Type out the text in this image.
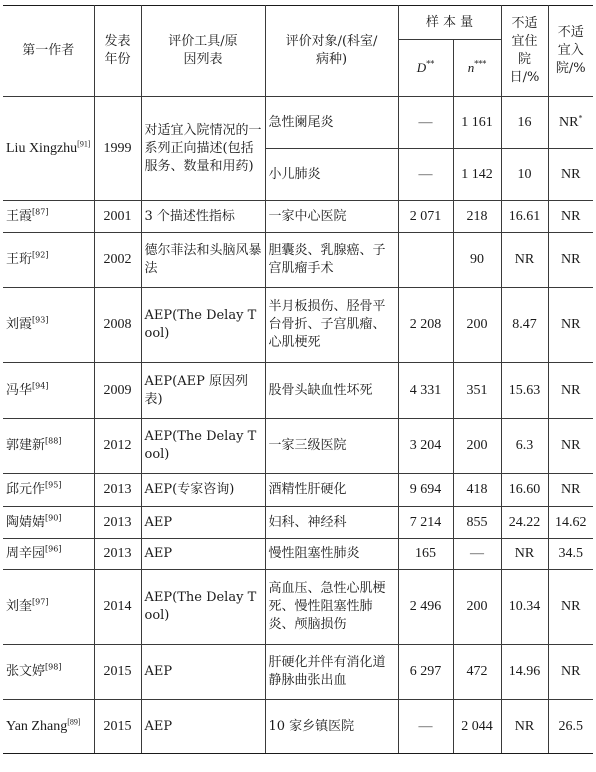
第一作者	发表年份	评价工具/原因列表	评价对象/(科室/病种)	样 本 量		不适宜住院日/%	不适宜入院/%
				D**	n***
Liu Xingzhu[91]	1999	对适宜入院情况的一系列正向描述(包括服务、数量和用药)	急性阑尾炎	—	1 161	16	NR*
			小儿肺炎	—	1 142	10	NR
王霞[87]	2001	3 个描述性指标	一家中心医院	2 071	218	16.61	NR
王珩[92]	2002	德尔菲法和头脑风暴法	胆囊炎、乳腺癌、子宫肌瘤手术		90	NR	NR
刘霞[93]	2008	AEP(The Delay Tool)	半月板损伤、胫骨平台骨折、子宫肌瘤、心肌梗死	2 208	200	8.47	NR
冯华[94]	2009	AEP(AEP 原因列表)	股骨头缺血性坏死	4 331	351	15.63	NR
郭建新[88]	2012	AEP(The Delay Tool)	一家三级医院	3 204	200	6.3	NR
邱元作[95]	2013	AEP(专家咨询)	酒精性肝硬化	9 694	418	16.60	NR
陶婧婧[90]	2013	AEP	妇科、神经科	7 214	855	24.22	14.62
周辛园[96]	2013	AEP	慢性阻塞性肺炎	165	—	NR	34.5
刘奎[97]	2014	AEP(The Delay Tool)	高血压、急性心肌梗死、慢性阻塞性肺炎、颅脑损伤	2 496	200	10.34	NR
张文婷[98]	2015	AEP	肝硬化并伴有消化道静脉曲张出血	6 297	472	14.96	NR
Yan Zhang[89]	2015	AEP	10 家乡镇医院	—	2 044	NR	26.5
